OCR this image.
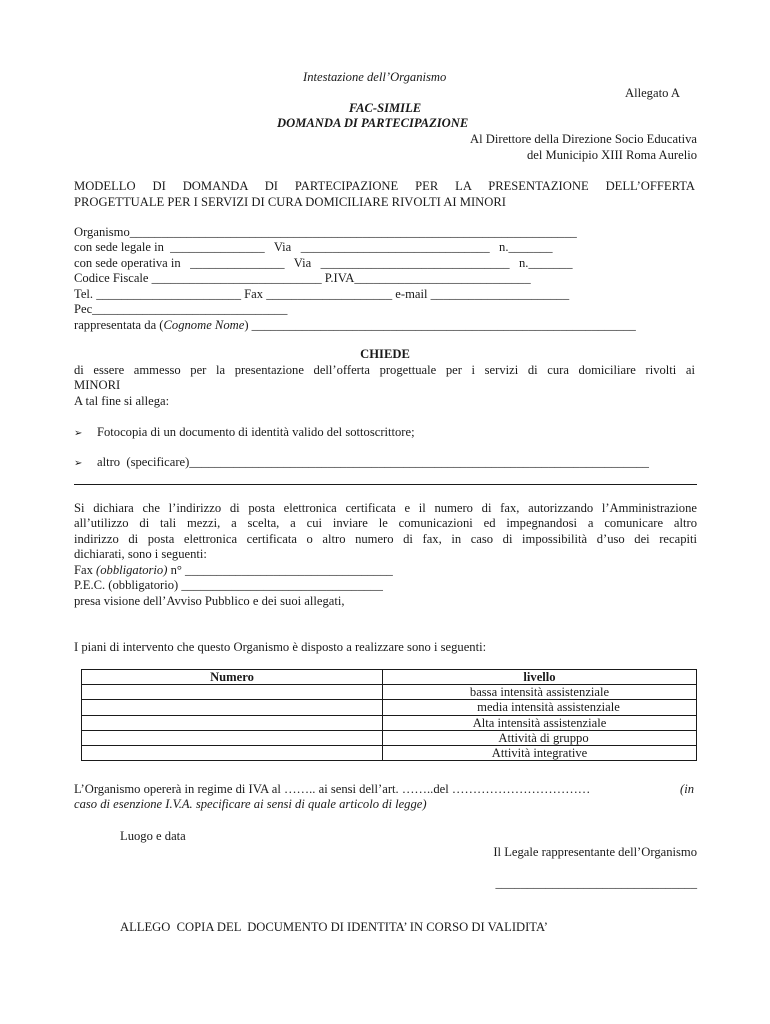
Intestazione dell’Organismo
Allegato A
FAC-SIMILE
DOMANDA DI PARTECIPAZIONE
Al Direttore della Direzione Socio Educativa
del Municipio XIII Roma Aurelio
MODELLO DI DOMANDA DI PARTECIPAZIONE PER LA PRESENTAZIONE DELL’OFFERTA
PROGETTUALE PER I SERVIZI DI CURA DOMICILIARE RIVOLTI AI MINORI
Organismo_______________________________________________________________________
con sede legale in  _______________   Via   ______________________________   n._______
con sede operativa in   _______________   Via   ______________________________   n._______
Codice Fiscale ___________________________ P.IVA____________________________
Tel. _______________________ Fax ____________________ e-mail ______________________
Pec_______________________________
rappresentata da (Cognome Nome) _____________________________________________________________
CHIEDE
di essere ammesso per la presentazione dell’offerta progettuale per i servizi di cura domiciliare rivolti ai
MINORI
A tal fine si allega:
➢ Fotocopia di un documento di identità valido del sottoscrittore;
➢ altro  (specificare)_________________________________________________________________________
Si dichiara che l’indirizzo di posta elettronica certificata e il numero di fax, autorizzando l’Amministrazione
all’utilizzo di tali mezzi, a scelta, a cui inviare le comunicazioni ed impegnandosi a comunicare altro
indirizzo di posta elettronica certificata o altro numero di fax, in caso di impossibilità d’uso dei recapiti
dichiarati, sono i seguenti:
Fax (obbligatorio) n° _________________________________
P.E.C. (obbligatorio) ________________________________
presa visione dell’Avviso Pubblico e dei suoi allegati,
I piani di intervento che questo Organismo è disposto a realizzare sono i seguenti:
Numero	livello
	bassa intensità assistenziale
	media intensità assistenziale
	Alta intensità assistenziale
	Attività di gruppo
	Attività integrative
L’Organismo opererà in regime di IVA al …….. ai sensi dell’art. ……..del ……………………………	(in
caso di esenzione I.V.A. specificare ai sensi di quale articolo di legge)
Luogo e data
Il Legale rappresentante dell’Organismo
________________________________
ALLEGO  COPIA DEL  DOCUMENTO DI IDENTITA’ IN CORSO DI VALIDITA’
